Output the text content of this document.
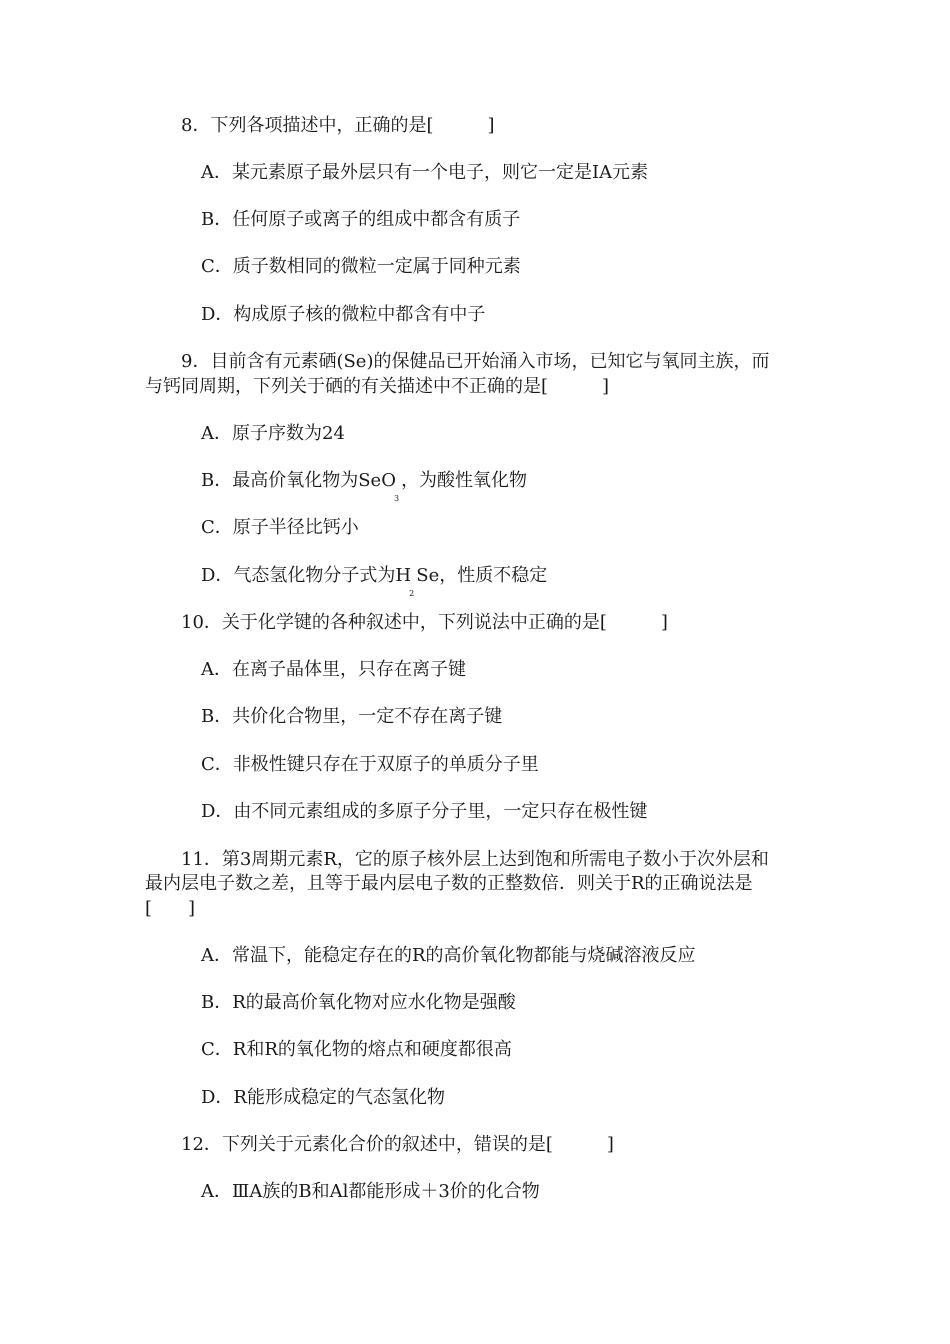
8．下列各项描述中，正确的是[　　　]
A．某元素原子最外层只有一个电子，则它一定是ⅠA元素
B．任何原子或离子的组成中都含有质子
C．质子数相同的微粒一定属于同种元素
D．构成原子核的微粒中都含有中子
9．目前含有元素硒(Se)的保健品已开始涌入市场，已知它与氧同主族，而
与钙同周期，下列关于硒的有关描述中不正确的是[　　　]
A．原子序数为24
B．最高价氧化物为SeO$_3$，为酸性氧化物
C．原子半径比钙小
D．气态氢化物分子式为$H_2Se$，性质不稳定
10．关于化学键的各种叙述中，下列说法中正确的是[　　　]
A．在离子晶体里，只存在离子键
B．共价化合物里，一定不存在离子键
C．非极性键只存在于双原子的单质分子里
D．由不同元素组成的多原子分子里，一定只存在极性键
11．第3周期元素R，它的原子核外层上达到饱和所需电子数小于次外层和
最内层电子数之差，且等于最内层电子数的正整数倍．则关于R的正确说法是
[　　]
A．常温下，能稳定存在的R的高价氧化物都能与烧碱溶液反应
B．R的最高价氧化物对应水化物是强酸
C．R和R的氧化物的熔点和硬度都很高
D．R能形成稳定的气态氢化物
12．下列关于元素化合价的叙述中，错误的是[　　　]
A．ⅢA族的B和Al都能形成＋3价的化合物
